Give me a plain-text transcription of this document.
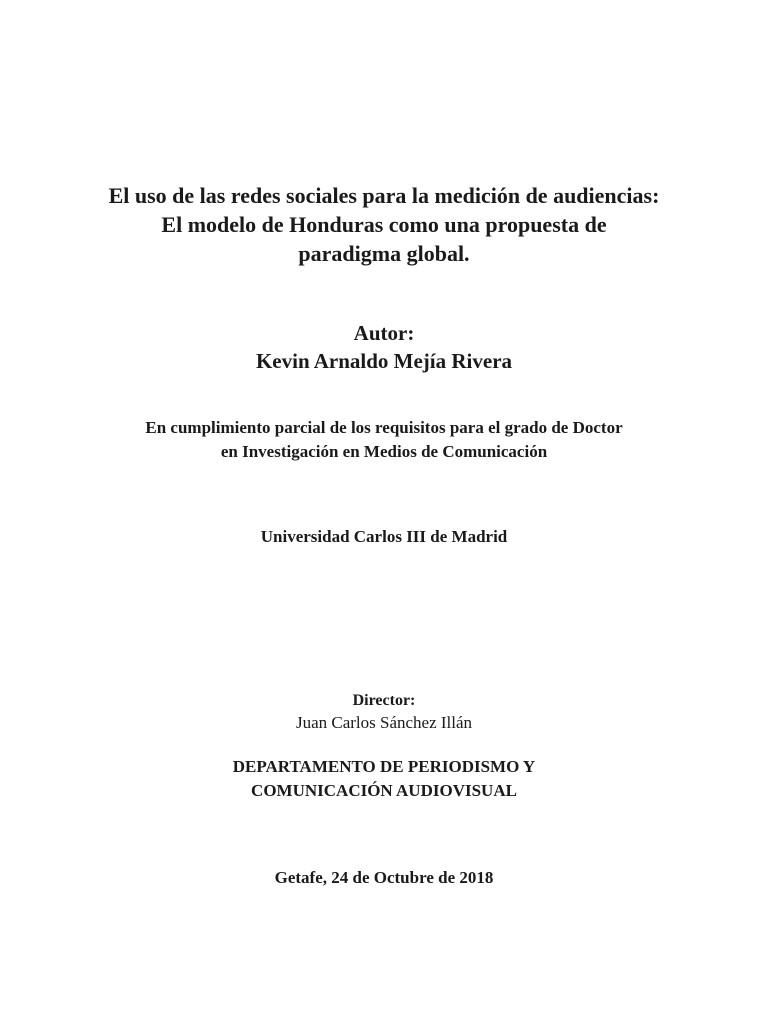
El uso de las redes sociales para la medición de audiencias:
El modelo de Honduras como una propuesta de
paradigma global.
Autor:
Kevin Arnaldo Mejía Rivera
En cumplimiento parcial de los requisitos para el grado de Doctor
en Investigación en Medios de Comunicación
Universidad Carlos III de Madrid
Director:
Juan Carlos Sánchez Illán
DEPARTAMENTO DE PERIODISMO Y
COMUNICACIÓN AUDIOVISUAL
Getafe, 24 de Octubre de 2018
